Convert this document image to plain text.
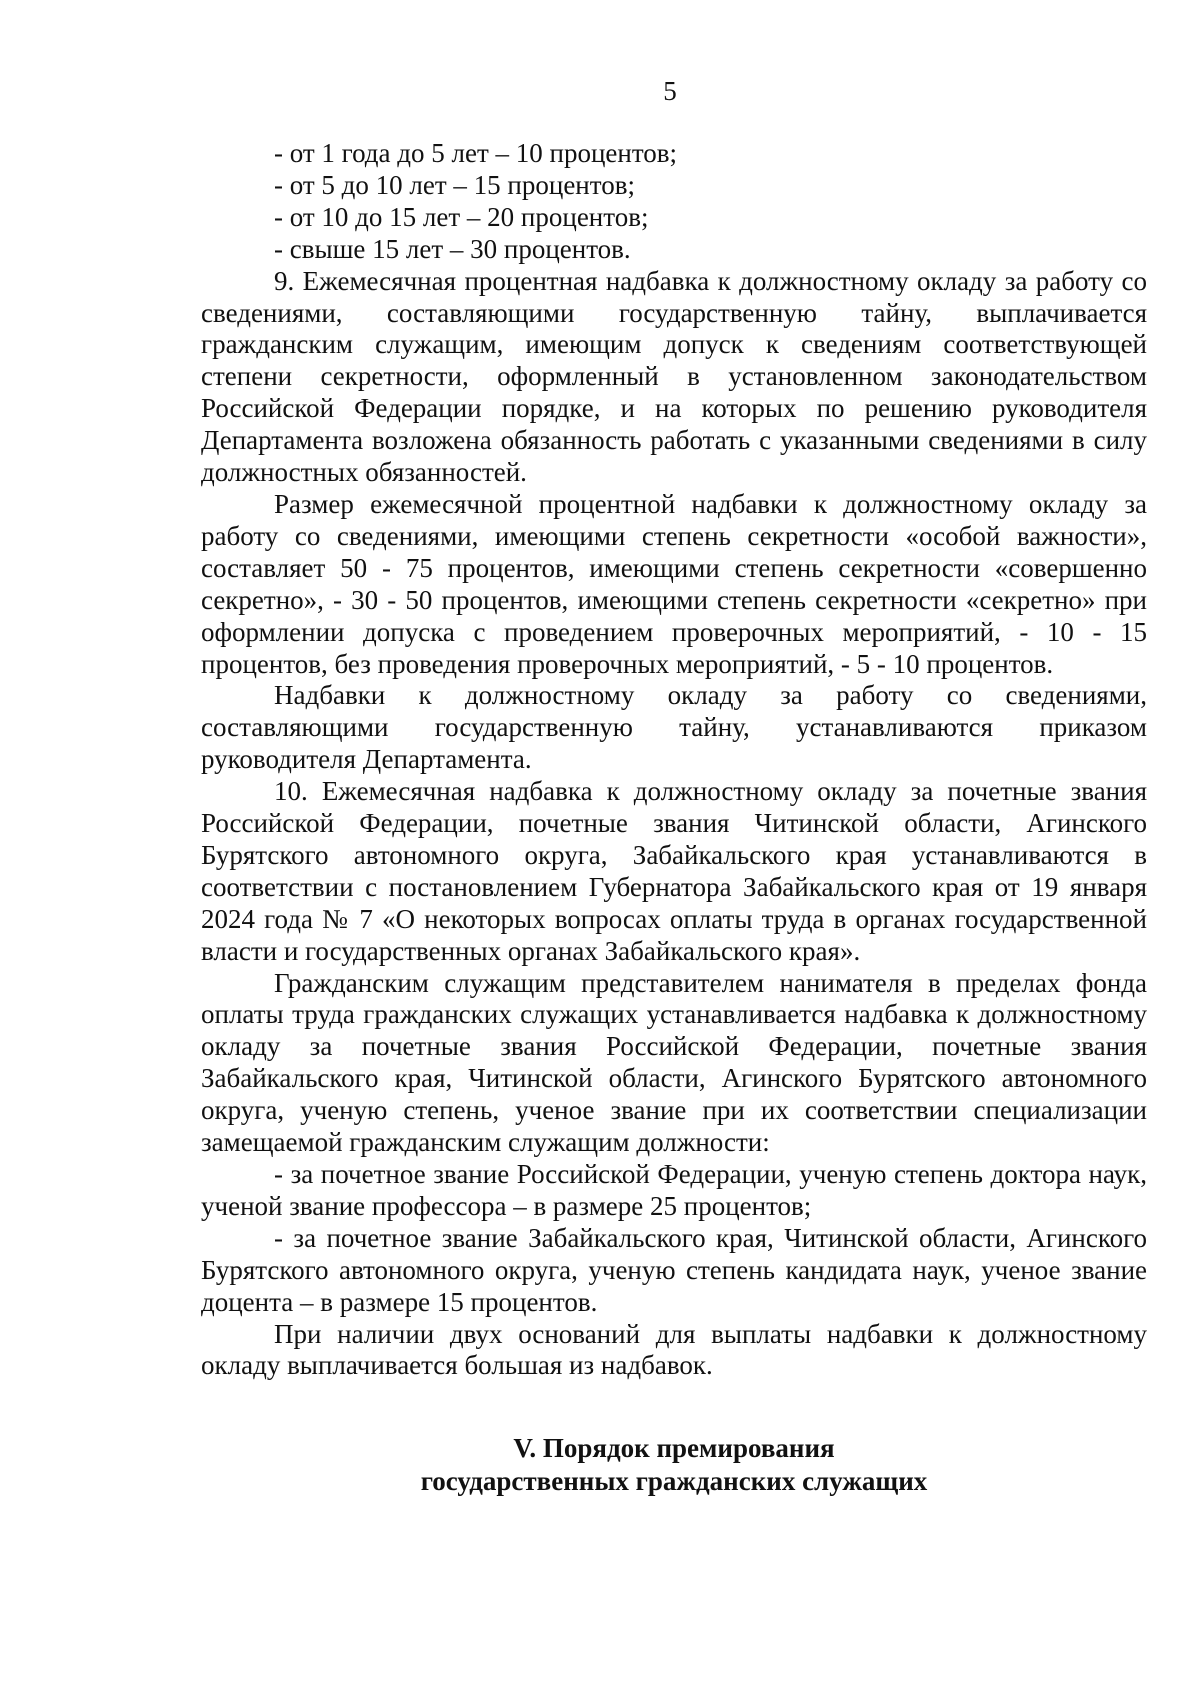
5
- от 1 года до 5 лет – 10 процентов;
- от 5 до 10 лет – 15 процентов;
- от 10 до 15 лет – 20 процентов;
- свыше 15 лет – 30 процентов.

9. Ежемесячная процентная надбавка к должностному окладу за работу со сведениями, составляющими государственную тайну, выплачивается гражданским служащим, имеющим допуск к сведениям соответствующей степени секретности, оформленный в установленном законодательством Российской Федерации порядке, и на которых по решению руководителя Департамента возложена обязанность работать с указанными сведениями в силу должностных обязанностей.

Размер ежемесячной процентной надбавки к должностному окладу за работу со сведениями, имеющими степень секретности «особой важности», составляет 50 - 75 процентов, имеющими степень секретности «совершенно секретно», - 30 - 50 процентов, имеющими степень секретности «секретно» при оформлении допуска с проведением проверочных мероприятий, - 10 - 15 процентов, без проведения проверочных мероприятий, - 5 - 10 процентов.

Надбавки к должностному окладу за работу со сведениями, составляющими государственную тайну, устанавливаются приказом руководителя Департамента.

10. Ежемесячная надбавка к должностному окладу за почетные звания Российской Федерации, почетные звания Читинской области, Агинского Бурятского автономного округа, Забайкальского края устанавливаются в соответствии с постановлением Губернатора Забайкальского края от 19 января 2024 года № 7 «О некоторых вопросах оплаты труда в органах государственной власти и государственных органах Забайкальского края».

Гражданским служащим представителем нанимателя в пределах фонда оплаты труда гражданских служащих устанавливается надбавка к должностному окладу за почетные звания Российской Федерации, почетные звания Забайкальского края, Читинской области, Агинского Бурятского автономного округа, ученую степень, ученое звание при их соответствии специализации замещаемой гражданским служащим должности:

- за почетное звание Российской Федерации, ученую степень доктора наук, ученой звание профессора – в размере 25 процентов;

- за почетное звание Забайкальского края, Читинской области, Агинского Бурятского автономного округа, ученую степень кандидата наук, ученое звание доцента – в размере 15 процентов.

При наличии двух оснований для выплаты надбавки к должностному окладу выплачивается большая из надбавок.

V. Порядок премирования
государственных гражданских служащих
